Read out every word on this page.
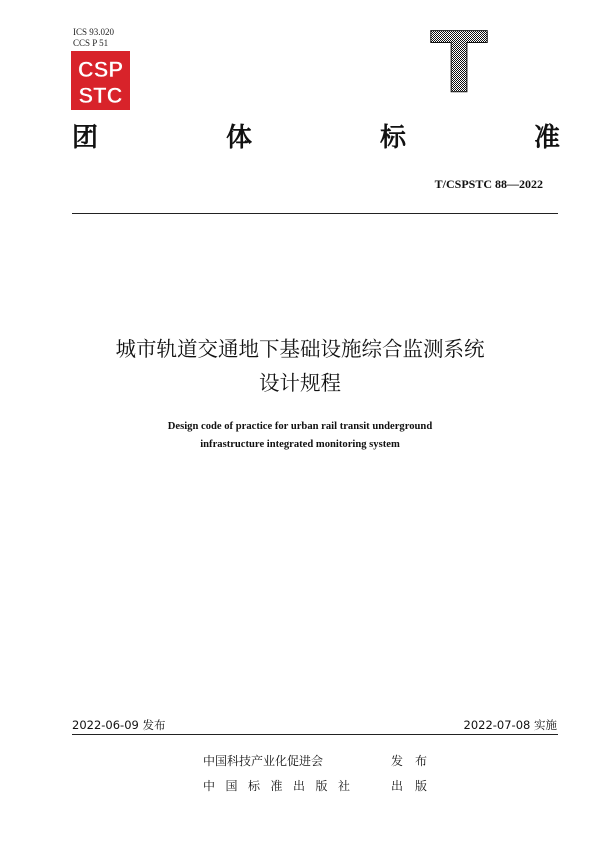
ICS 93.020
CCS P 51
CSP
STC	T
团	体	标	准
T/CSPSTC 88—2022
城市轨道交通地下基础设施综合监测系统
设计规程
Design code of practice for urban rail transit underground
infrastructure integrated monitoring system
2022-06-09 发布	2022-07-08 实施
中国科技产业化促进会	发布
中国标准出版社	出版
